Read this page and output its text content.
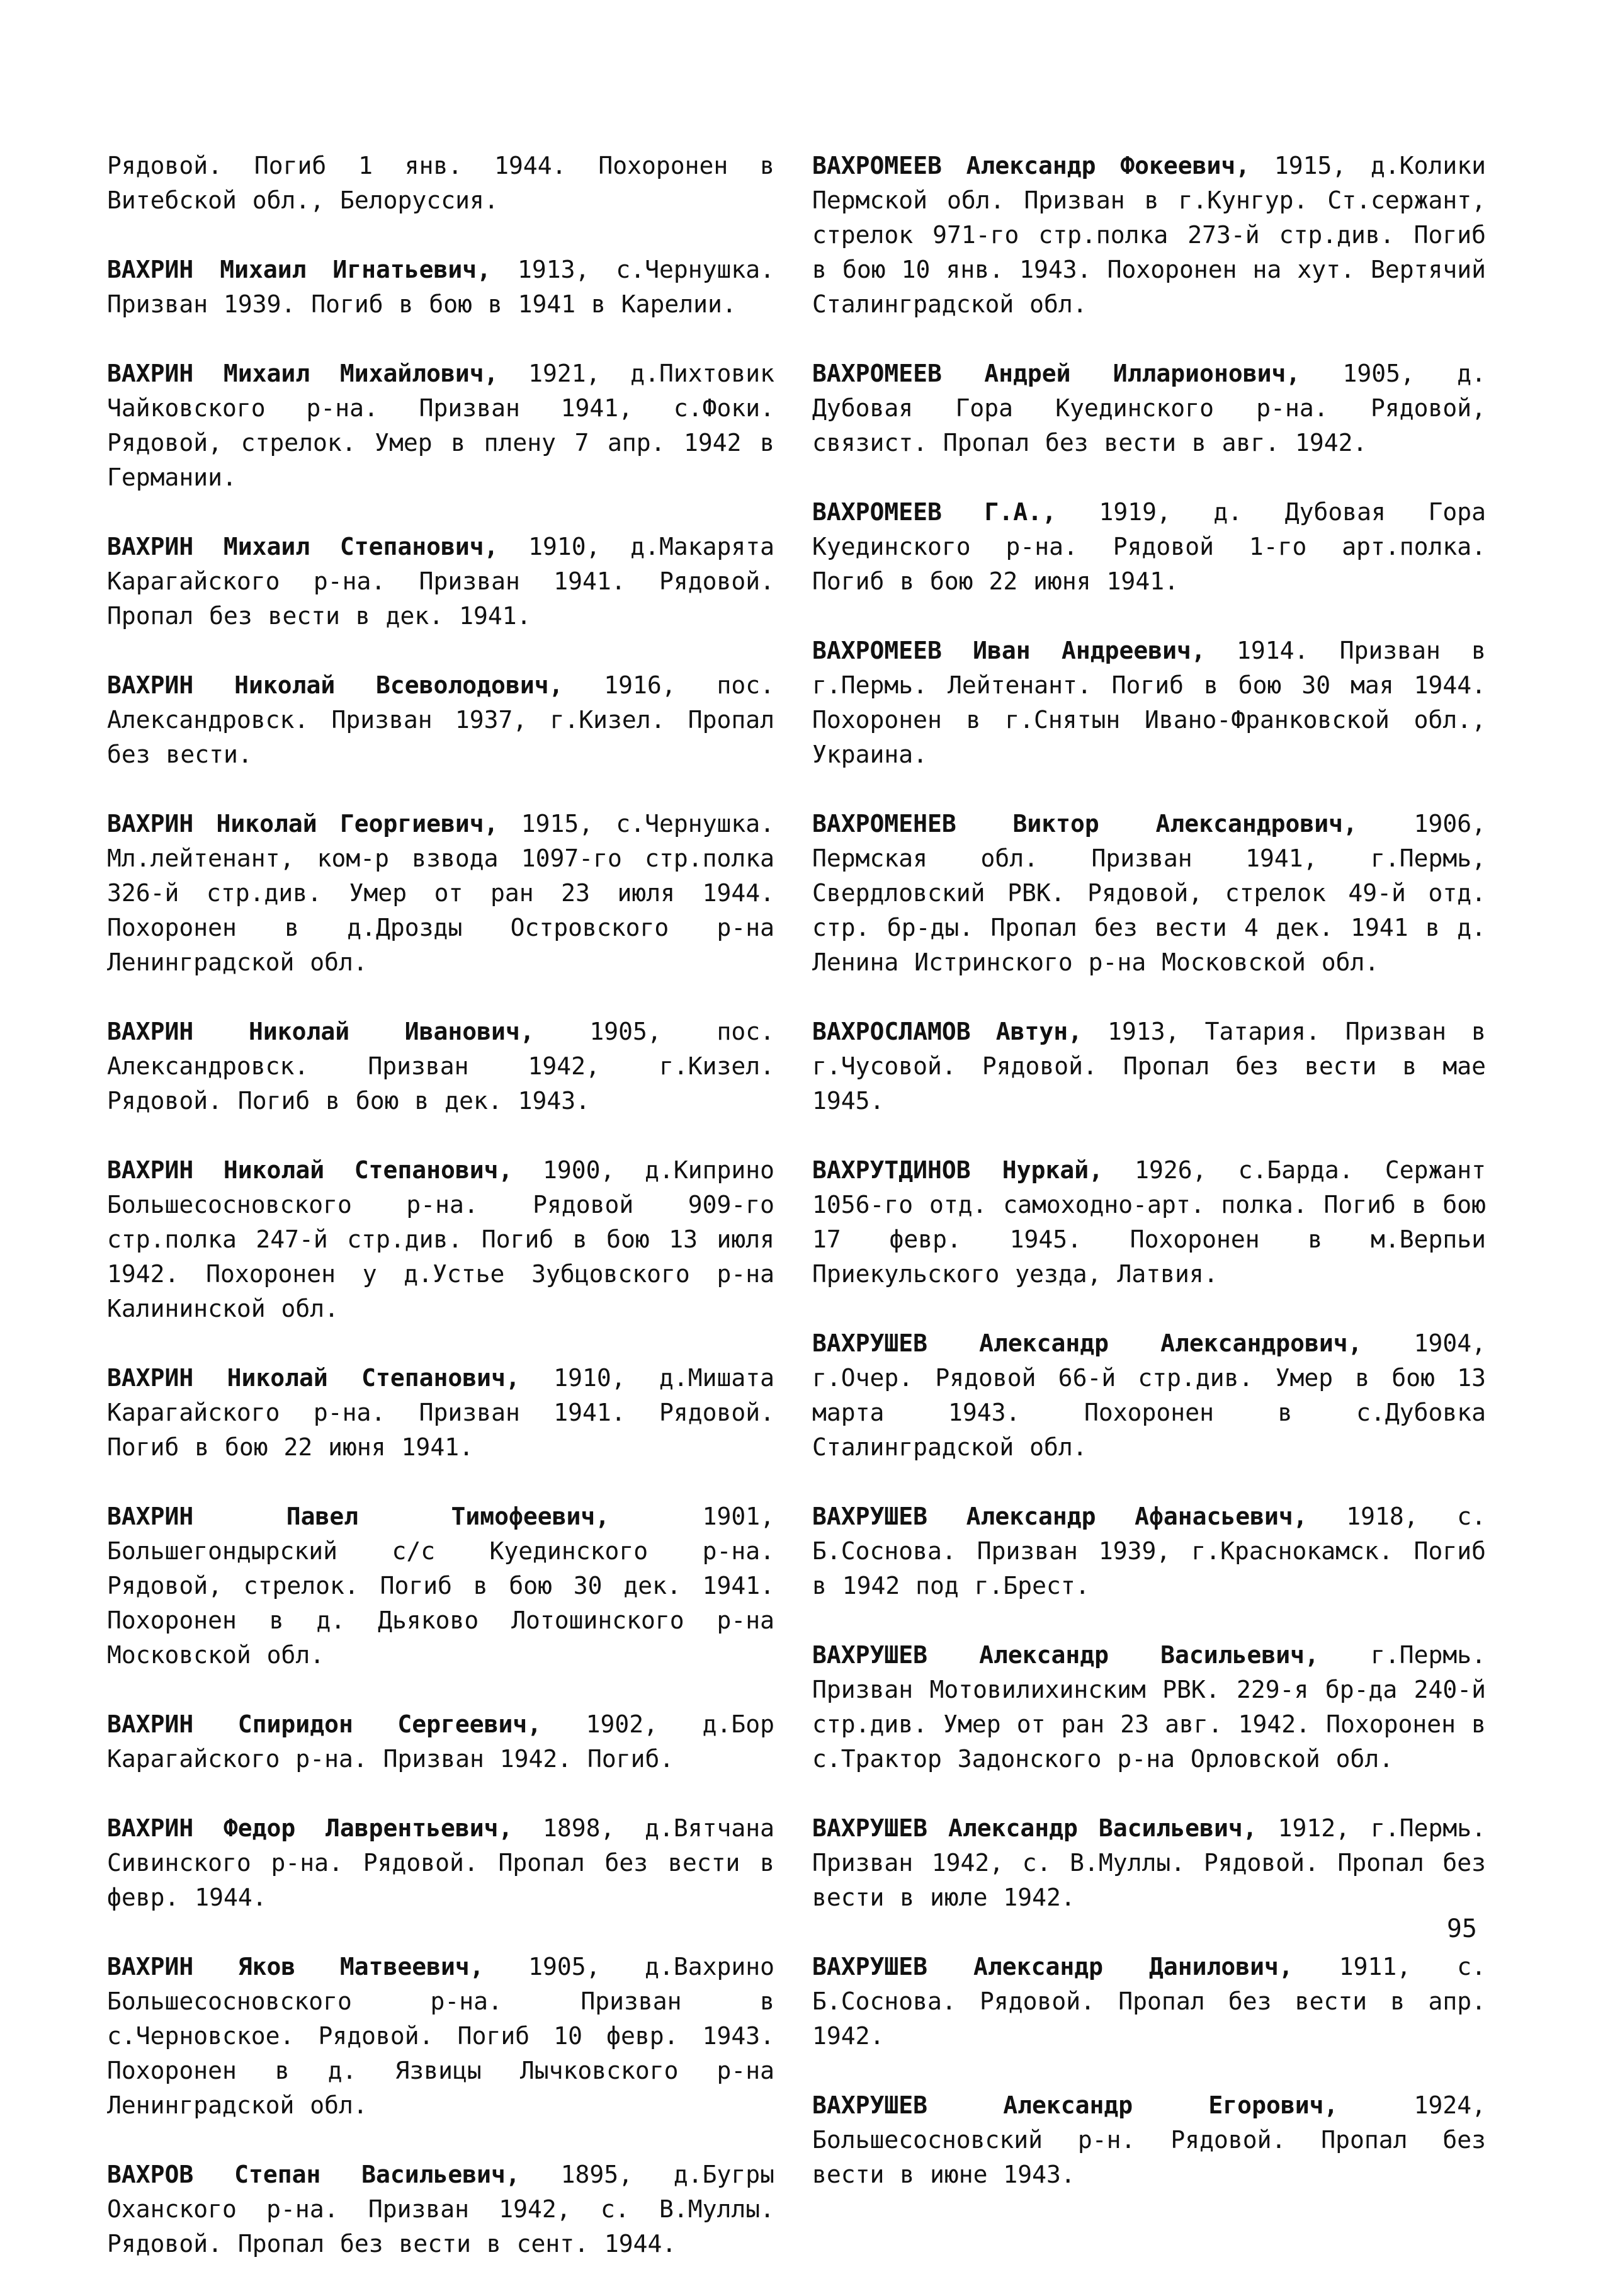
Рядовой. Погиб 1 янв. 1944. Похоронен в Витебской обл., Белоруссия.
ВАХРИН Михаил Игнатьевич, 1913, с.Чернушка. Призван 1939. Погиб в бою в 1941 в Карелии.
ВАХРИН Михаил Михайлович, 1921, д.Пихтовик Чайковского р-на. Призван 1941, с.Фоки. Рядовой, стрелок. Умер в плену 7 апр. 1942 в Германии.
ВАХРИН Михаил Степанович, 1910, д.Макарята Карагайского р-на. Призван 1941. Рядовой. Пропал без вести в дек. 1941.
ВАХРИН Николай Всеволодович, 1916, пос. Александровск. Призван 1937, г.Кизел. Пропал без вести.
ВАХРИН Николай Георгиевич, 1915, с.Чернушка. Мл.лейтенант, ком-р взвода 1097-го стр.полка 326-й стр.див. Умер от ран 23 июля 1944. Похоронен в д.Дрозды Островского р-на Ленинградской обл.
ВАХРИН Николай Иванович, 1905, пос. Александровск. Призван 1942, г.Кизел. Рядовой. Погиб в бою в дек. 1943.
ВАХРИН Николай Степанович, 1900, д.Киприно Большесосновского р-на. Рядовой 909-го стр.полка 247-й стр.див. Погиб в бою 13 июля 1942. Похоронен у д.Устье Зубцовского р-на Калининской обл.
ВАХРИН Николай Степанович, 1910, д.Мишата Карагайского р-на. Призван 1941. Рядовой. Погиб в бою 22 июня 1941.
ВАХРИН Павел Тимофеевич,	1901, Большегондырский с/с Куединского р-на. Рядовой, стрелок. Погиб в бою 30 дек. 1941. Похоронен в д. Дьяково Лотошинского р-на Московской обл.
ВАХРИН Спиридон Сергеевич, 1902, д.Бор Карагайского р-на. Призван 1942. Погиб.
ВАХРИН Федор Лаврентьевич, 1898, д.Вятчана Сивинского р-на. Рядовой. Пропал без вести в февр. 1944.
ВАХРИН Яков Матвеевич, 1905, д.Вахрино Большесосновского р-на. Призван в с.Черновское. Рядовой. Погиб 10 февр. 1943. Похоронен в д. Язвицы Лычковского р-на Ленинградской обл.
ВАХРОВ Степан Васильевич, 1895, д.Бугры Оханского р-на. Призван 1942, с. В.Муллы. Рядовой. Пропал без вести в сент. 1944.
ВАХРОМЕЕВ Александр Фокеевич, 1915, д.Колики Пермской обл. Призван в г.Кунгур. Ст.сержант, стрелок 971-го стр.полка 273-й стр.див. Погиб в бою 10 янв. 1943. Похоронен на хут. Вертячий Сталинградской обл.
ВАХРОМЕЕВ Андрей Илларионович, 1905, д. Дубовая Гора Куединского р-на. Рядовой, связист. Пропал без вести в авг. 1942.
ВАХРОМЕЕВ Г.А., 1919, д. Дубовая Гора Куединского р-на. Рядовой 1-го арт.полка. Погиб в бою 22 июня 1941.
ВАХРОМЕЕВ Иван Андреевич, 1914. Призван в г.Пермь. Лейтенант. Погиб в бою 30 мая 1944. Похоронен в г.Снятын Ивано-Франковской обл., Украина.
ВАХРОМЕНЕВ Виктор Александрович, 1906, Пермская обл. Призван 1941, г.Пермь, Свердловский РВК. Рядовой, стрелок 49-й отд. стр. бр-ды. Пропал без вести 4 дек. 1941 в д. Ленина Истринского р-на Московской обл.
ВАХРОСЛАМОВ Автун, 1913, Татария. Призван в г.Чусовой. Рядовой. Пропал без вести в мае 1945.
ВАХРУТДИНОВ Нуркай, 1926, с.Барда. Сержант 1056-го отд. самоходно-арт. полка. Погиб в бою 17 февр. 1945. Похоронен в м.Верпьи Приекульского уезда, Латвия.
ВАХРУШЕВ Александр Александрович, 1904, г.Очер. Рядовой 66-й стр.див. Умер в бою 13 марта 1943. Похоронен в с.Дубовка Сталинградской обл.
ВАХРУШЕВ Александр Афанасьевич, 1918, с. Б.Соснова. Призван 1939, г.Краснокамск. Погиб в 1942 под г.Брест.
ВАХРУШЕВ Александр Васильевич, г.Пермь. Призван Мотовилихинским РВК. 229-я бр-да 240-й стр.див. Умер от ран 23 авг. 1942. Похоронен в с.Трактор Задонского р-на Орловской обл.
ВАХРУШЕВ Александр Васильевич, 1912, г.Пермь. Призван 1942, с. В.Муллы. Рядовой. Пропал без вести в июле 1942.
ВАХРУШЕВ Александр Данилович, 1911, с. Б.Соснова. Рядовой. Пропал без вести в апр. 1942.
ВАХРУШЕВ Александр Егорович,	1924, Большесосновский р-н. Рядовой. Пропал без вести в июне 1943.
95
